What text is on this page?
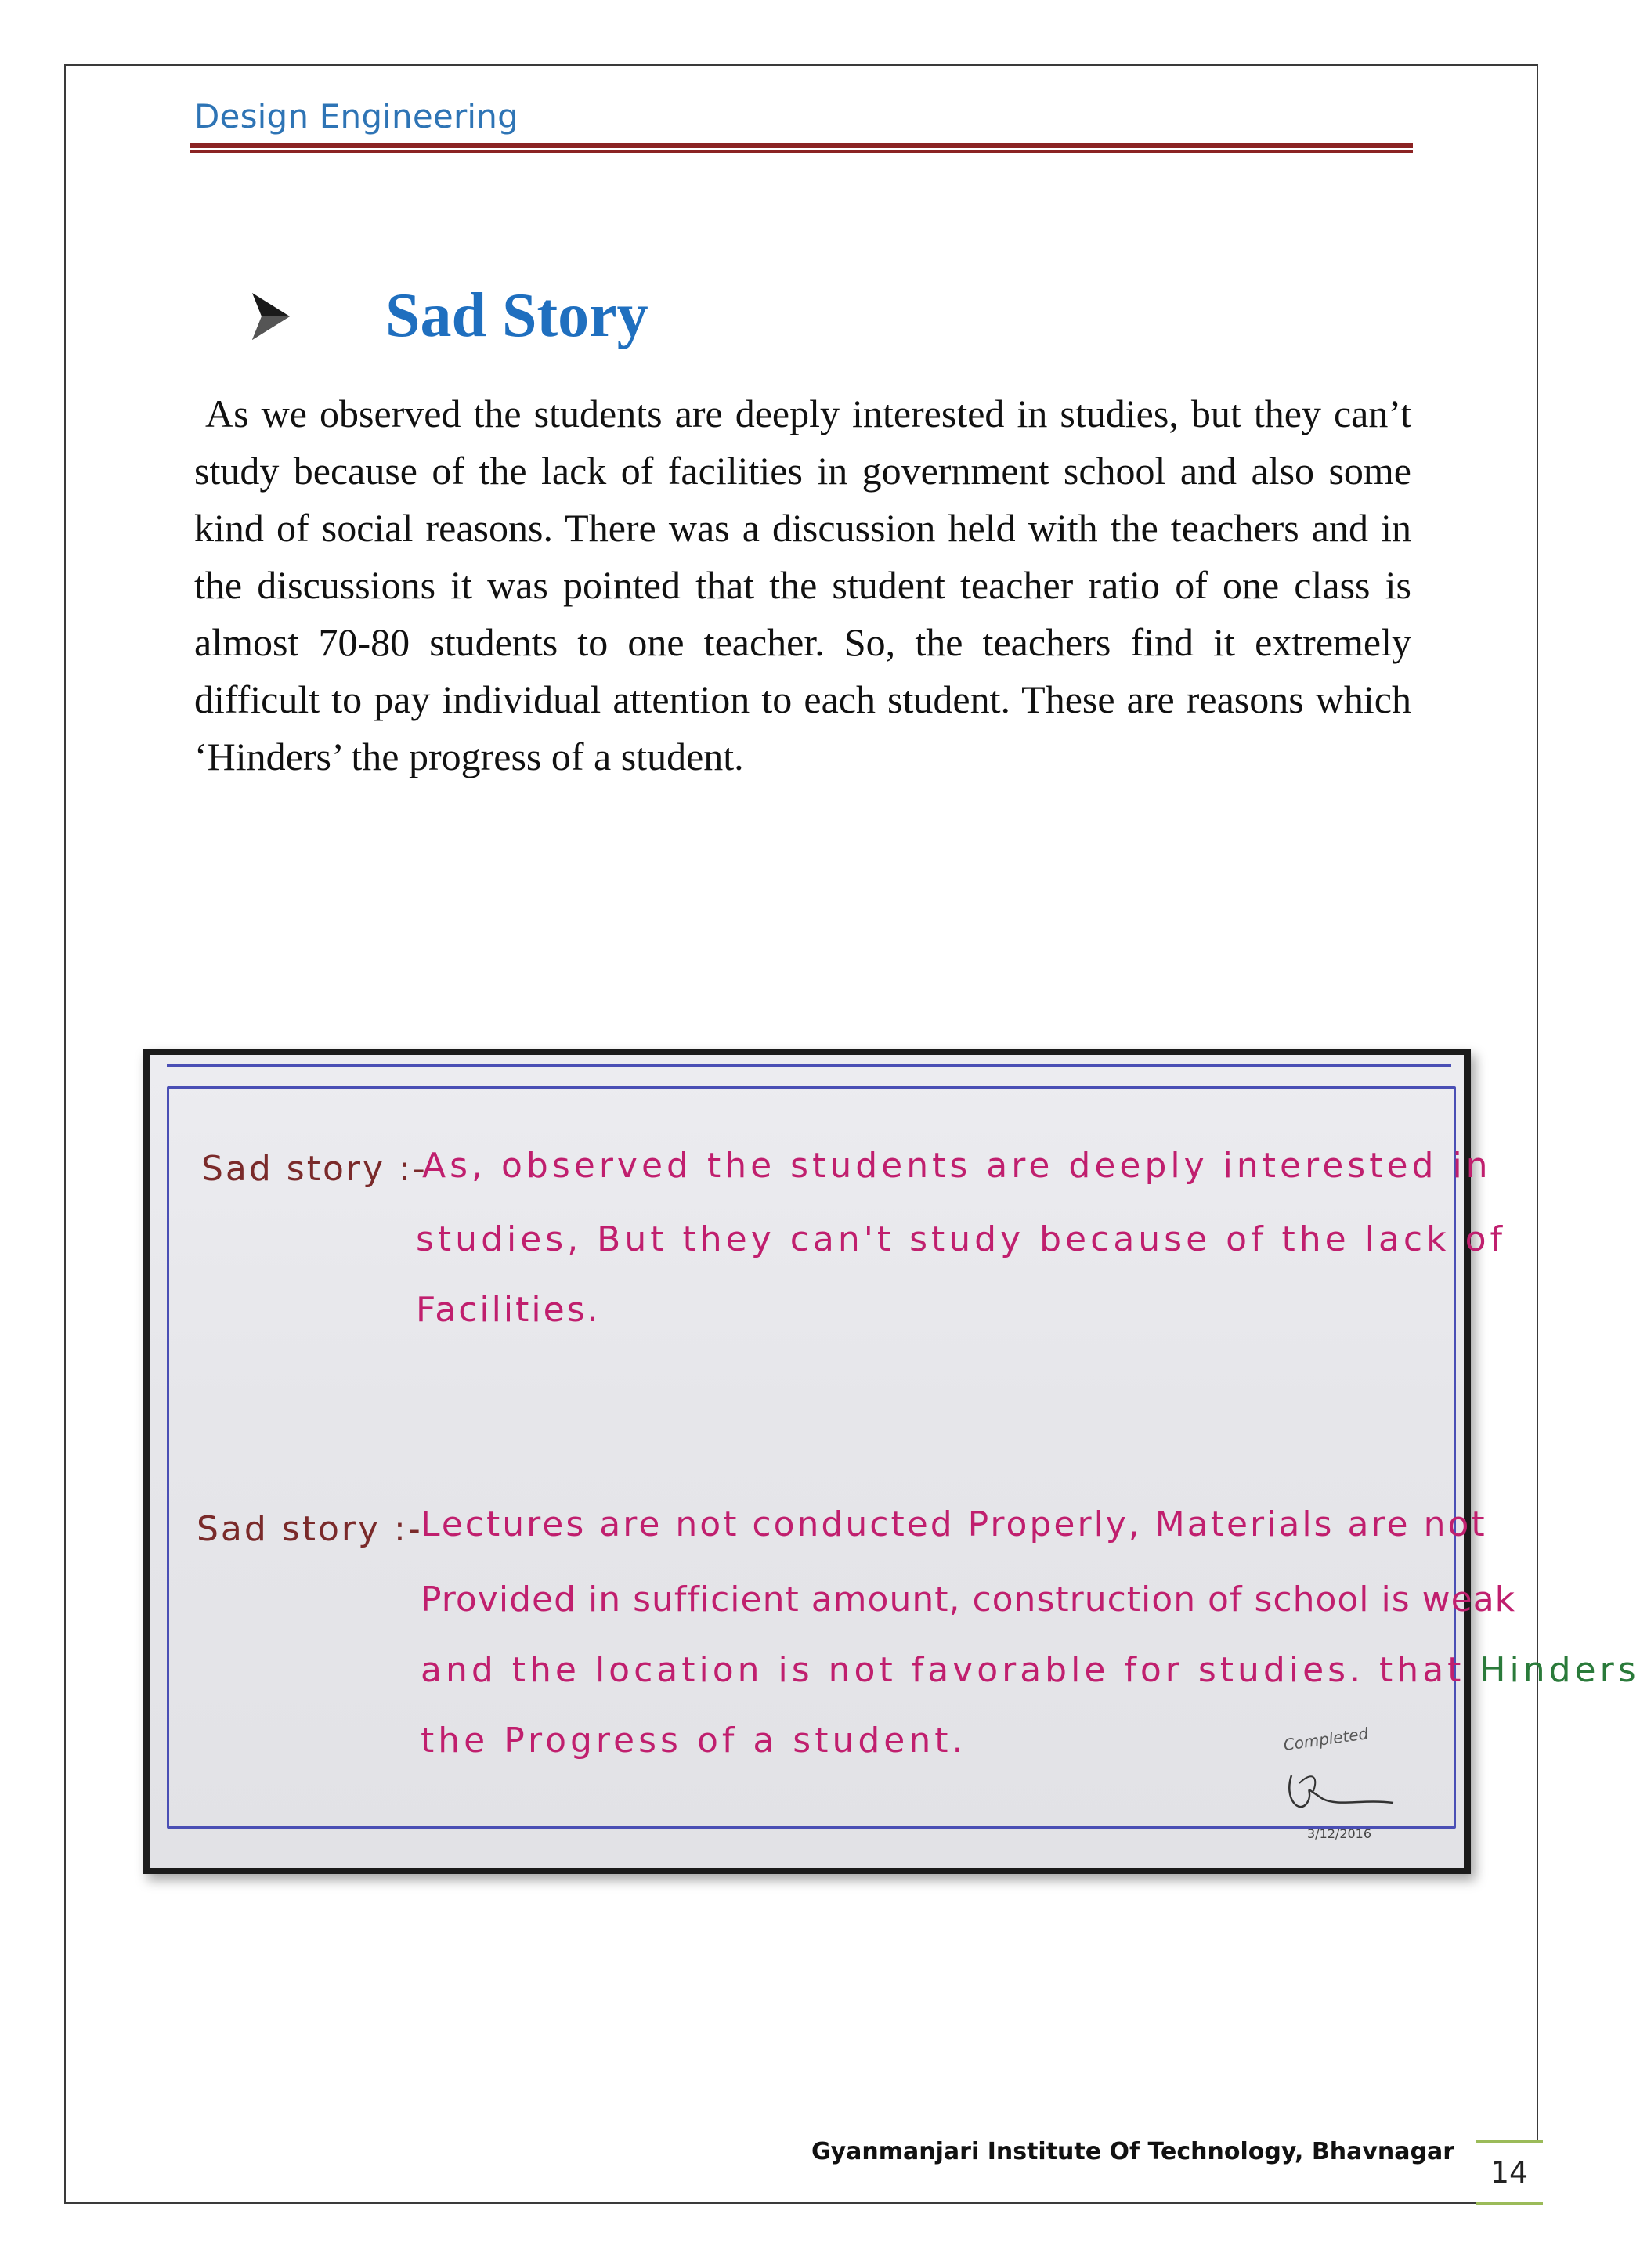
Design Engineering
Sad Story

As we observed the students are deeply interested in studies, but they can’t study because of the lack of facilities in government school and also some kind of social reasons. There was a discussion held with the teachers and in the discussions it was pointed that the student teacher ratio of one class is almost 70-80 students to one teacher. So, the teachers find it extremely difficult to pay individual attention to each student. These are reasons which ‘Hinders’ the progress of a student.

Sad story :-
As, observed the students are deeply interested in
studies, But they can't study because of the lack of
Facilities.
Sad story :-
Lectures are not conducted Properly, Materials are not
Provided in sufficient amount, construction of school is weak
and the location is not favorable for studies. that Hinders
the Progress of a student.	Completed
3/12/2016
Gyanmanjari Institute Of Technology, Bhavnagar
14
